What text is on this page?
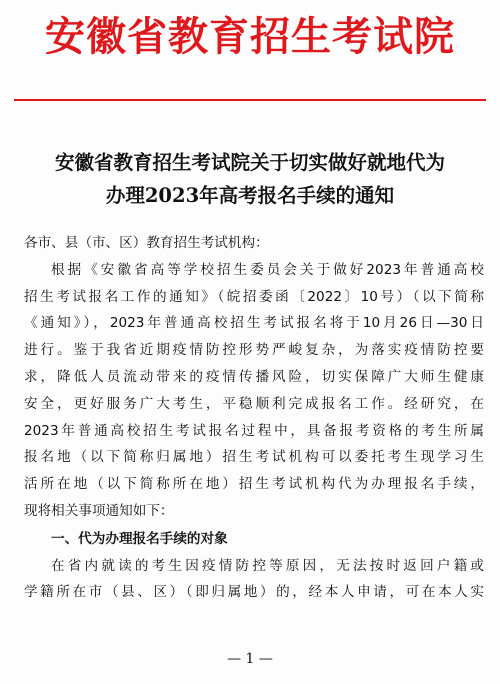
安徽省教育招生考试院
安徽省教育招生考试院关于切实做好就地代为
办理2023年高考报名手续的通知
各市、县（市、区）教育招生考试机构：
根据《安徽省高等学校招生委员会关于做好2023年普通高校
招生考试报名工作的通知》（皖招委函〔2022〕10号）（以下简称
《通知》），2023年普通高校招生考试报名将于10月26日—30日
进行。鉴于我省近期疫情防控形势严峻复杂，为落实疫情防控要
求，降低人员流动带来的疫情传播风险，切实保障广大师生健康
安全，更好服务广大考生，平稳顺利完成报名工作。经研究，在
2023年普通高校招生考试报名过程中，具备报考资格的考生所属
报名地（以下简称归属地）招生考试机构可以委托考生现学习生
活所在地（以下简称所在地）招生考试机构代为办理报名手续，
现将相关事项通知如下：
一、代为办理报名手续的对象
在省内就读的考生因疫情防控等原因，无法按时返回户籍或
学籍所在市（县、区）（即归属地）的，经本人申请，可在本人实
— 1 —
